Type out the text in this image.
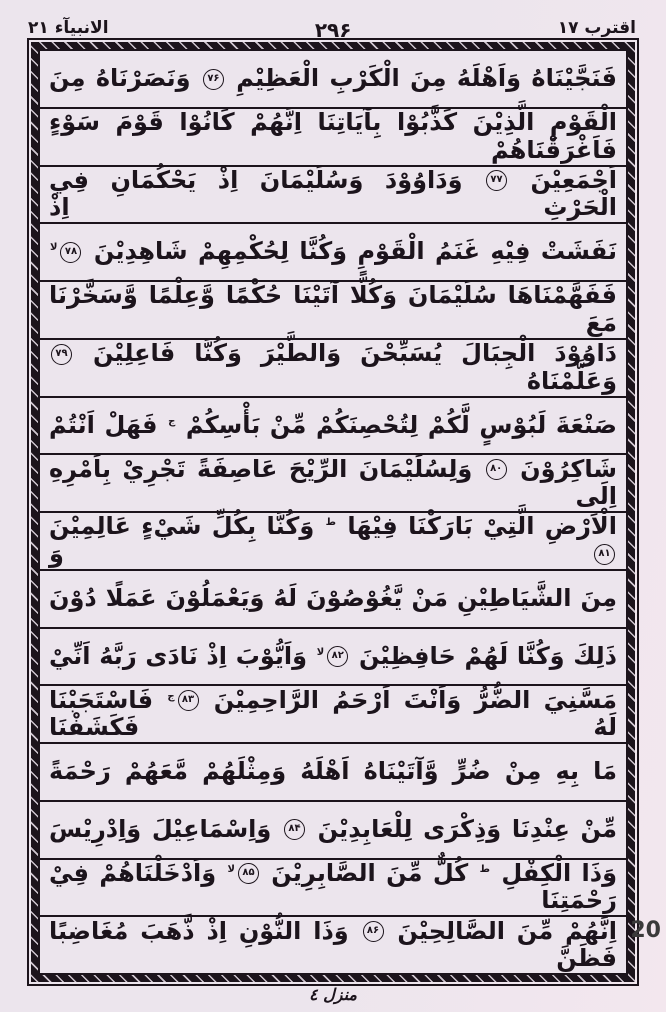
اقترب ۱۷
۲۹۶
الانبيآء ۲۱
فَنَجَّيْنَاهُ وَاَهْلَهُ مِنَ الْكَرْبِ الْعَظِيْمِ ۷۶ وَنَصَرْنَاهُ مِنَ
الْقَوْمِ الَّذِيْنَ كَذَّبُوْا بِآيَاتِنَا اِنَّهُمْ كَانُوْا قَوْمَ سَوْءٍ فَاَغْرَقْنَاهُمْ
اَجْمَعِيْنَ ۷۷ وَدَاوُوْدَ وَسُلَيْمَانَ اِذْ يَحْكُمَانِ فِي الْحَرْثِ اِذْ
نَفَشَتْ فِيْهِ غَنَمُ الْقَوْمِ وَكُنَّا لِحُكْمِهِمْ شَاهِدِيْنَ $۷۸^{لا}$
فَفَهَّمْنَاهَا سُلَيْمَانَ وَكُلًّا آتَيْنَا حُكْمًا وَّعِلْمًا وَّسَخَّرْنَا مَعَ
دَاوُوْدَ الْجِبَالَ يُسَبِّحْنَ وَالطَّيْرَ وَكُنَّا فَاعِلِيْنَ ۷۹ وَعَلَّمْنَاهُ
صَنْعَةَ لَبُوْسٍ لَّكُمْ لِتُحْصِنَكُمْ مِّنْ بَأْسِكُمْ $^ج$ فَهَلْ اَنْتُمْ
شَاكِرُوْنَ ۸۰ وَلِسُلَيْمَانَ الرِّيْحَ عَاصِفَةً تَجْرِيْ بِاَمْرِهِ اِلَى
الْاَرْضِ الَّتِيْ بَارَكْنَا فِيْهَا $^ط$ وَكُنَّا بِكُلِّ شَيْءٍ عَالِمِيْنَ ۸۱ وَ
مِنَ الشَّيَاطِيْنِ مَنْ يَّغُوْصُوْنَ لَهُ وَيَعْمَلُوْنَ عَمَلًا دُوْنَ
ذَلِكَ وَكُنَّا لَهُمْ حَافِظِيْنَ $۸۲^{لا}$ وَاَيُّوْبَ اِذْ نَادَى رَبَّهُ اَنِّيْ
مَسَّنِيَ الضُّرُّ وَاَنْتَ اَرْحَمُ الرَّاحِمِيْنَ $۸۳^ج$ فَاسْتَجَبْنَا لَهُ فَكَشَفْنَا
مَا بِهِ مِنْ ضُرٍّ وَّآتَيْنَاهُ اَهْلَهُ وَمِثْلَهُمْ مَّعَهُمْ رَحْمَةً
مِّنْ عِنْدِنَا وَذِكْرَى لِلْعَابِدِيْنَ ۸۴ وَاِسْمَاعِيْلَ وَاِدْرِيْسَ
وَذَا الْكِفْلِ $^ط$ كُلٌّ مِّنَ الصَّابِرِيْنَ $۸۵^{لا}$ وَاَدْخَلْنَاهُمْ فِيْ رَحْمَتِنَا
اِنَّهُمْ مِّنَ الصَّالِحِيْنَ ۸۶ وَذَا النُّوْنِ اِذْ ذَّهَبَ مُغَاضِبًا فَظَنَّ
20
منزل ٤
